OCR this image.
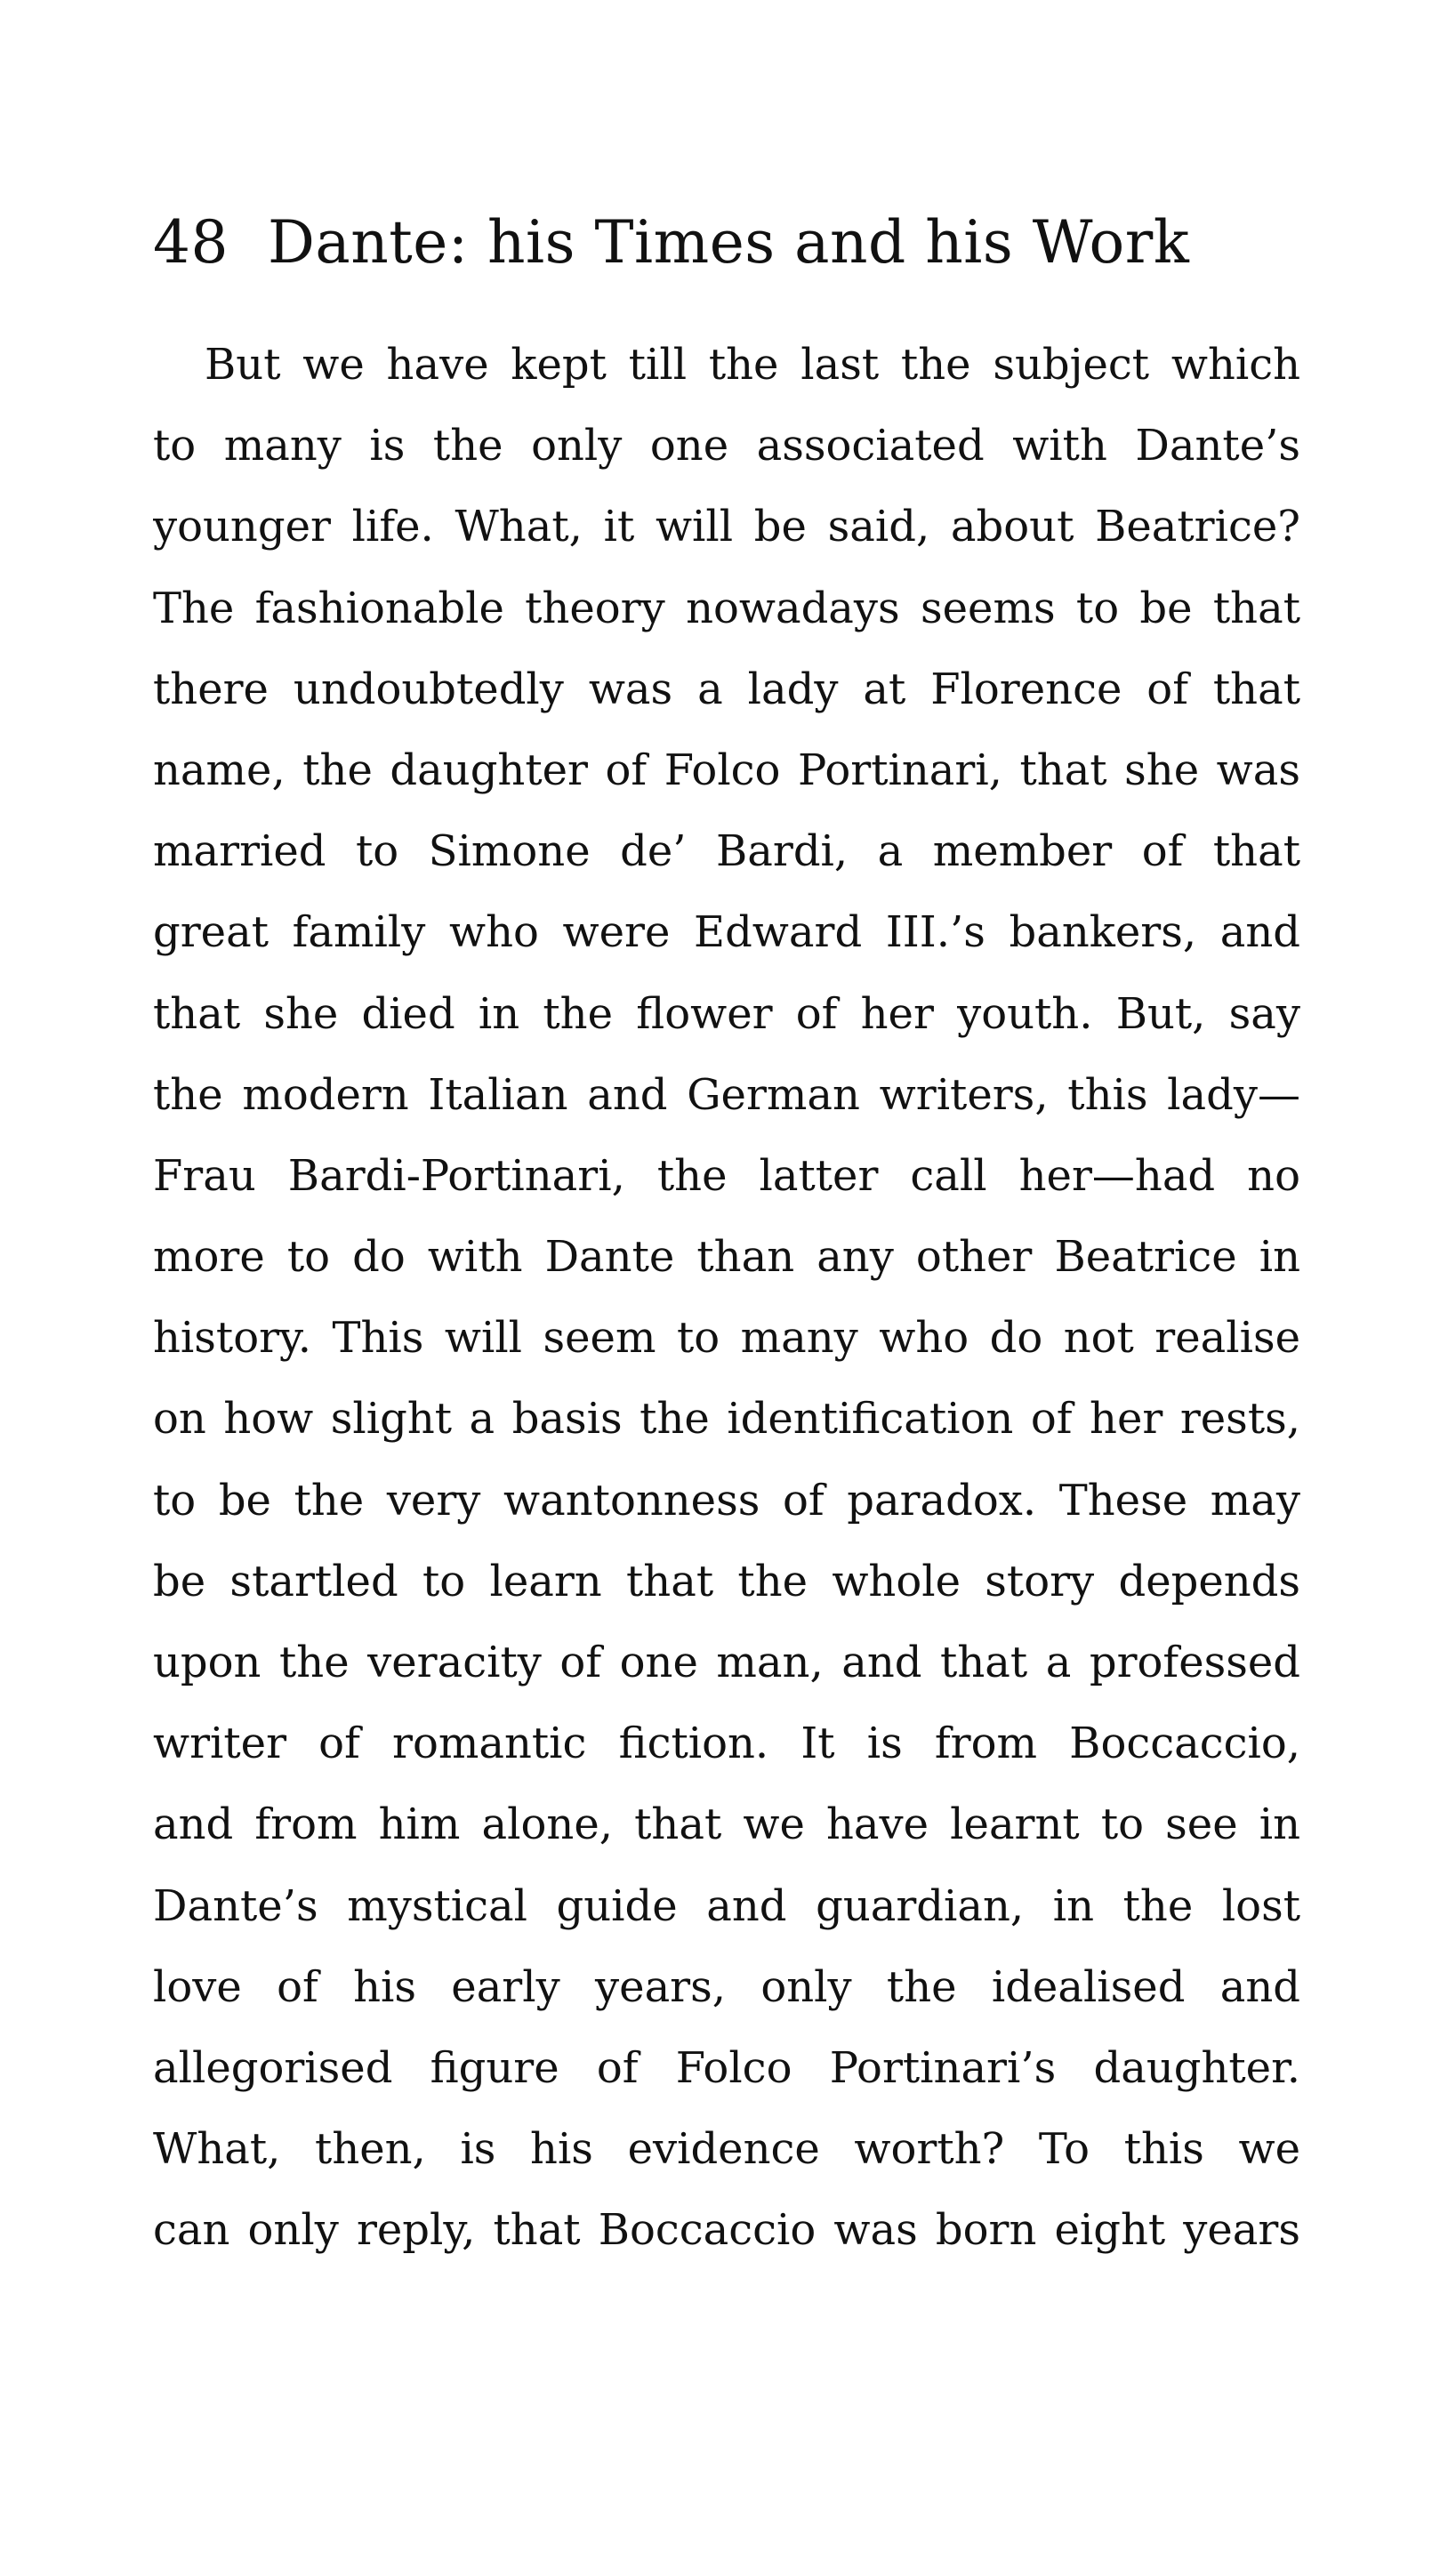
48 Dante: his Times and his Work
But we have kept till the last the subject which
to many is the only one associated with Dante’s
younger life. What, it will be said, about Beatrice?
The fashionable theory nowadays seems to be that
there undoubtedly was a lady at Florence of that
name, the daughter of Folco Portinari, that she was
married to Simone de’ Bardi, a member of that
great family who were Edward III.’s bankers, and
that she died in the flower of her youth. But, say
the modern Italian and German writers, this lady—
Frau Bardi-Portinari, the latter call her—had no
more to do with Dante than any other Beatrice in
history. This will seem to many who do not realise
on how slight a basis the identification of her rests,
to be the very wantonness of paradox. These may
be startled to learn that the whole story depends
upon the veracity of one man, and that a professed
writer of romantic fiction. It is from Boccaccio,
and from him alone, that we have learnt to see in
Dante’s mystical guide and guardian, in the lost
love of his early years, only the idealised and
allegorised figure of Folco Portinari’s daughter.
What, then, is his evidence worth? To this we
can only reply, that Boccaccio was born eight years
